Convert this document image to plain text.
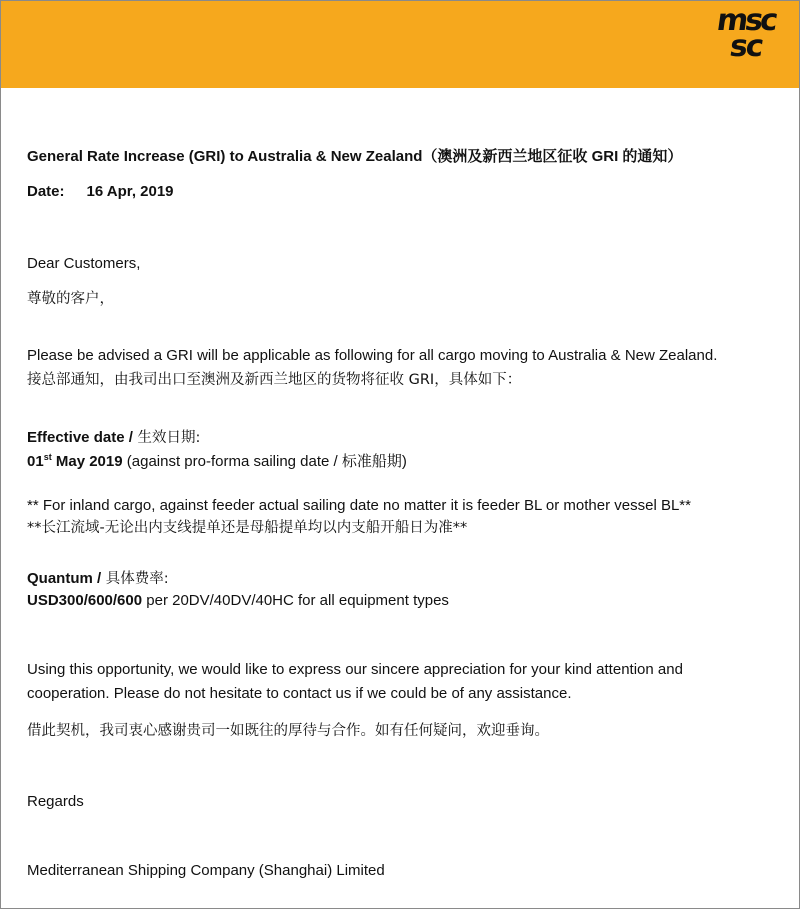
msc
sc
General Rate Increase (GRI) to Australia & New Zealand（澳洲及新西兰地区征收 GRI 的通知）
Date: 16 Apr, 2019
Dear Customers,
尊敬的客户，
Please be advised a GRI will be applicable as following for all cargo moving to Australia & New Zealand.
接总部通知，由我司出口至澳洲及新西兰地区的货物将征收 GRI，具体如下：
Effective date / 生效日期:
01st May 2019 (against pro-forma sailing date / 标准船期)
** For inland cargo, against feeder actual sailing date no matter it is feeder BL or mother vessel BL**
**长江流域-无论出内支线提单还是母船提单均以内支船开船日为准**
Quantum / 具体费率:
USD300/600/600 per 20DV/40DV/40HC for all equipment types
Using this opportunity, we would like to express our sincere appreciation for your kind attention and
cooperation. Please do not hesitate to contact us if we could be of any assistance.
借此契机，我司衷心感谢贵司一如既往的厚待与合作。如有任何疑问，欢迎垂询。
Regards
Mediterranean Shipping Company (Shanghai) Limited
